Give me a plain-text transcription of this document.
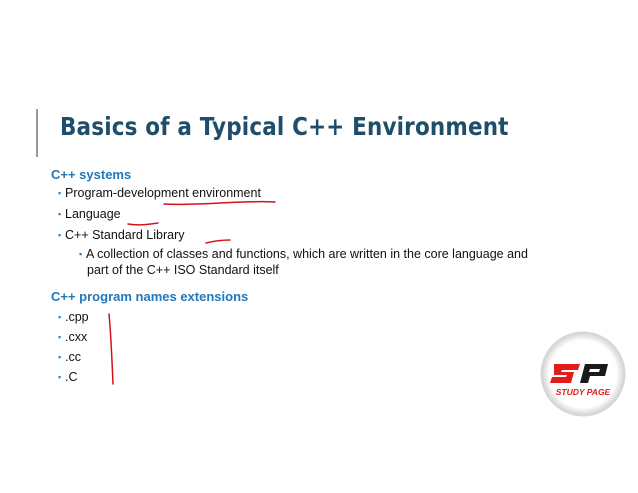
Basics of a Typical C++ Environment
C++ systems
▪ Program-development environment
▪ Language
▪ C++ Standard Library
▪ A collection of classes and functions, which are written in the core language and
part of the C++ ISO Standard itself
C++ program names extensions
▪ .cpp
▪ .cxx
▪ .cc
▪ .C
STUDY PAGE
